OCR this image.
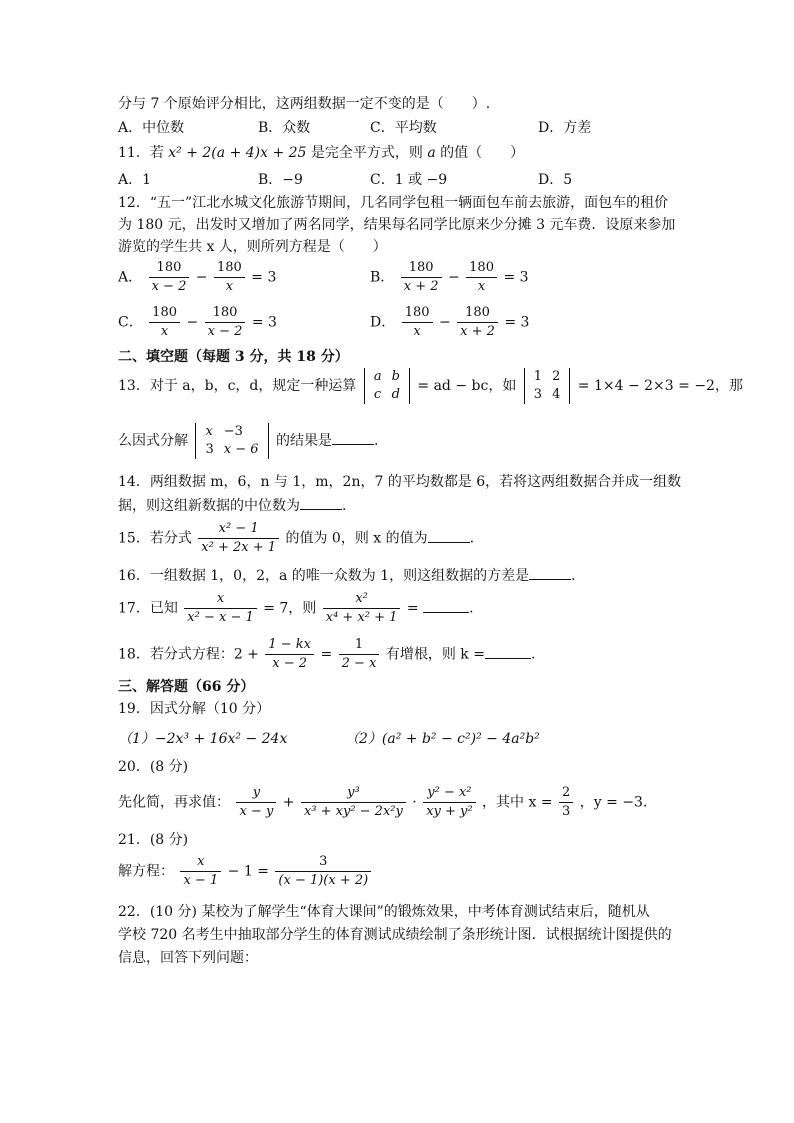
分与 7 个原始评分相比，这两组数据一定不变的是（　　）.
A．中位数	B．众数	C．平均数	D．方差
11．若 x² + 2(a + 4)x + 25 是完全平方式，则 a 的值（　　）
A．1	B．−9	C．1 或 −9	D．5
12．“五一”江北水城文化旅游节期间，几名同学包租一辆面包车前去旅游，面包车的租价
为 180 元，出发时又增加了两名同学，结果每名同学比原来少分摊 3 元车费．设原来参加
游览的学生共 x 人，则所列方程是（　　）
A． $\frac{180}{x - 2} - \frac{180}{x} = 3$	B． $\frac{180}{x + 2} - \frac{180}{x} = 3$
C． $\frac{180}{x} - \frac{180}{x - 2} = 3$	D． $\frac{180}{x} - \frac{180}{x + 2} = 3$
二、填空题（每题 3 分，共 18 分）
13．对于 a，b，c，d，规定一种运算
a	b
c	d
= ad − bc，如
1	2
3	4
= 1×4 − 2×3 = −2，那
么因式分解
x	−3
3	x − 6
的结果是	.
14．两组数据 m，6，n 与 1，m，2n，7 的平均数都是 6，若将这两组数据合并成一组数
据，则这组新数据的中位数为	.
15．若分式 $\frac{\text{x² − 1}}{\text{x² + 2x + 1}}$ 的值为 0，则 x 的值为	.
16．一组数据 1，0，2，a 的唯一众数为 1，则这组数据的方差是	.
17．已知 $\frac{x}{\text{x² − x − 1}} = 7$，则 $\frac{\text{x²}}{\text{x⁴ + x² + 1}}$ =	.
18．若分式方程：$2 + \frac{1 - kx}{x - 2} = \frac{1}{2 - x}$ 有增根，则 k =	.
三、解答题（66 分）
19．因式分解（10 分）
（1）−2x³ + 16x² − 24x	（2）(a² + b² − c²)² − 4a²b²
20．(8 分)
先化简，再求值： $\frac{y}{x - y} + \frac{\text{y³}}{\text{x³ + xy² − 2x²y}} \cdot \frac{\text{y² − x²}}{\text{xy + y²}}$ ，其中 $x = \frac{2}{3}$ ，y = −3．
21．(8 分)
解方程： $\frac{x}{x - 1} - 1 = \frac{3}{(x - 1)(x + 2)}$
22．(10 分) 某校为了解学生“体育大课间”的锻炼效果，中考体育测试结束后，随机从
学校 720 名考生中抽取部分学生的体育测试成绩绘制了条形统计图．试根据统计图提供的
信息，回答下列问题：
